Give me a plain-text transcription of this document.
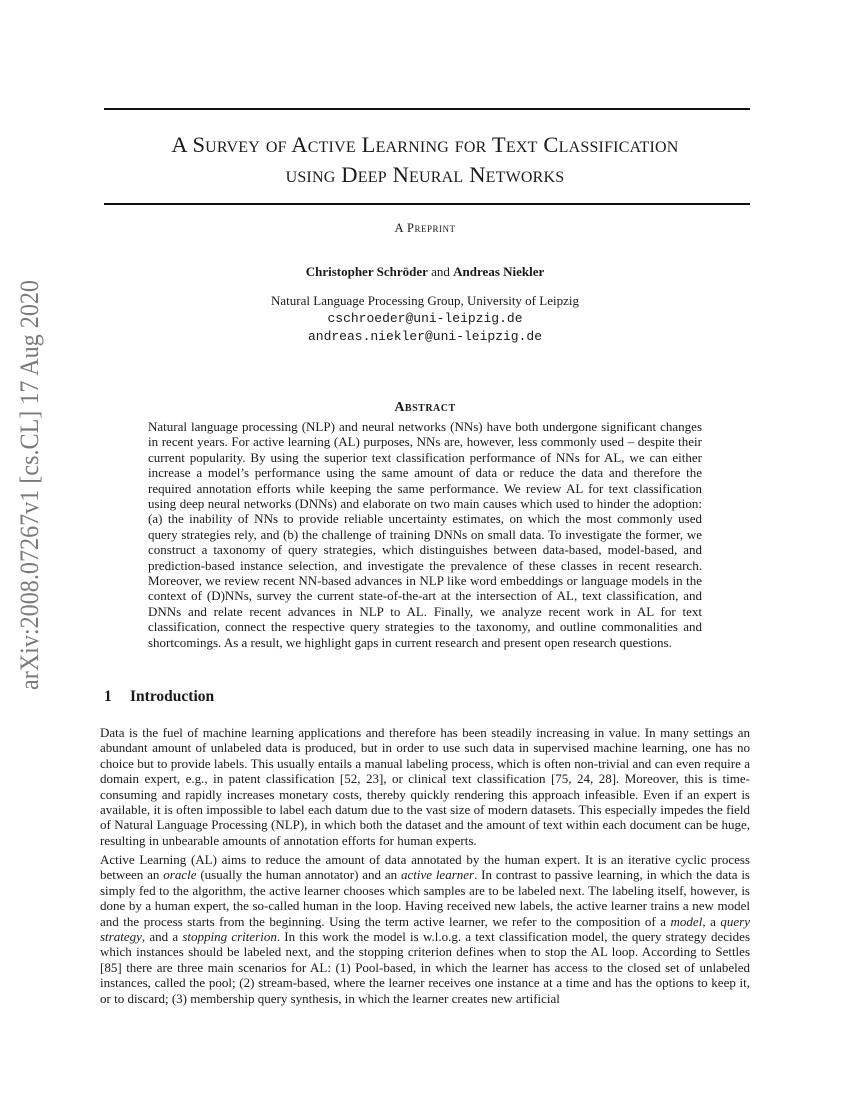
arXiv:2008.07267v1 [cs.CL] 17 Aug 2020
A Survey of Active Learning for Text Classification
using Deep Neural Networks
A Preprint
Christopher Schröder and Andreas Niekler
Natural Language Processing Group, University of Leipzig
cschroeder@uni-leipzig.de
andreas.niekler@uni-leipzig.de
Abstract
Natural language processing (NLP) and neural networks (NNs) have both undergone significant changes in recent years. For active learning (AL) purposes, NNs are, however, less commonly used – despite their current popularity. By using the superior text classification performance of NNs for AL, we can either increase a model’s performance using the same amount of data or reduce the data and therefore the required annotation efforts while keeping the same performance. We review AL for text classification using deep neural networks (DNNs) and elaborate on two main causes which used to hinder the adoption: (a) the inability of NNs to provide reliable uncertainty estimates, on which the most commonly used query strategies rely, and (b) the challenge of training DNNs on small data. To investigate the former, we construct a taxonomy of query strategies, which distinguishes between data-based, model-based, and prediction-based instance selection, and investigate the prevalence of these classes in recent research. Moreover, we review recent NN-based advances in NLP like word embeddings or language models in the context of (D)NNs, survey the current state-of-the-art at the intersection of AL, text classification, and DNNs and relate recent advances in NLP to AL. Finally, we analyze recent work in AL for text classification, connect the respective query strategies to the taxonomy, and outline commonalities and shortcomings. As a result, we highlight gaps in current research and present open research questions.
1 Introduction
Data is the fuel of machine learning applications and therefore has been steadily increasing in value. In many settings an abundant amount of unlabeled data is produced, but in order to use such data in supervised machine learning, one has no choice but to provide labels. This usually entails a manual labeling process, which is often non-trivial and can even require a domain expert, e.g., in patent classification [52, 23], or clinical text classification [75, 24, 28]. Moreover, this is time-consuming and rapidly increases monetary costs, thereby quickly rendering this approach infeasible. Even if an expert is available, it is often impossible to label each datum due to the vast size of modern datasets. This especially impedes the field of Natural Language Processing (NLP), in which both the dataset and the amount of text within each document can be huge, resulting in unbearable amounts of annotation efforts for human experts.
Active Learning (AL) aims to reduce the amount of data annotated by the human expert. It is an iterative cyclic process between an oracle (usually the human annotator) and an active learner. In contrast to passive learning, in which the data is simply fed to the algorithm, the active learner chooses which samples are to be labeled next. The labeling itself, however, is done by a human expert, the so-called human in the loop. Having received new labels, the active learner trains a new model and the process starts from the beginning. Using the term active learner, we refer to the composition of a model, a query strategy, and a stopping criterion. In this work the model is w.l.o.g. a text classification model, the query strategy decides which instances should be labeled next, and the stopping criterion defines when to stop the AL loop. According to Settles [85] there are three main scenarios for AL: (1) Pool-based, in which the learner has access to the closed set of unlabeled instances, called the pool; (2) stream-based, where the learner receives one instance at a time and has the options to keep it, or to discard; (3) membership query synthesis, in which the learner creates new artificial
